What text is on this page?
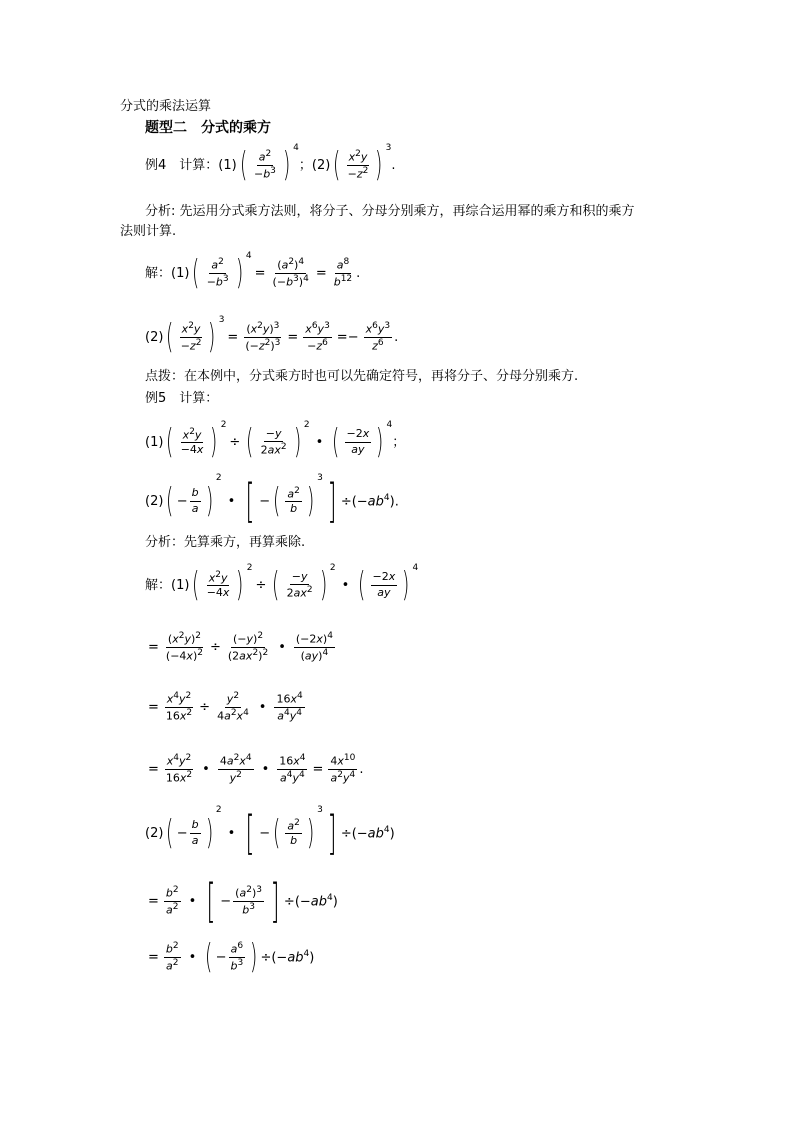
分式的乘法运算
题型二　分式的乘方
例4　计算： (1) ( $\frac{a^2}{-b^3}$ ) 4
；(2) ( $\frac{x^2y}{-z^2}$ ) 3
.
分析: 先运用分式乘方法则，将分子、分母分别乘方，再综合运用幂的乘方和积的乘方
法则计算.
解： (1) ( $\frac{a^2}{-b^3}$ ) 4
= $\frac{(a^2)^4}{(-b^3)^4} = \frac{a^8}{b^{12}}$ .
(2) ( $\frac{x^2y}{-z^2}$ ) 3
= $\frac{(x^2y)^3}{(-z^2)^3} = \frac{x^6y^3}{-z^6} =- \frac{x^6y^3}{z^6}$ .
点拨：在本例中，分式乘方时也可以先确定符号，再将分子、分母分别乘方.
例5　计算：
(1) ( $\frac{x^2y}{-4x}$ ) 2
÷ ( $\frac{-y}{2ax^2}$ ) 2
• ( $\frac{-2x}{ay}$ ) 4
；
(2) ( − $\frac{b}{a}$ )
2
• [ − ( $\frac{a^2}{b}$ )
3 ] $\div(-ab^4)$.
分析：先算乘方，再算乘除.
解： (1) ( $\frac{x^2y}{-4x}$ ) 2
÷ ( $\frac{-y}{2ax^2}$ ) 2
• ( $\frac{-2x}{ay}$ ) 4
= $\frac{(x^2y)^2}{(-4x)^2} \div \frac{(-y)^2}{(2ax^2)^2}$ • $\frac{(-2x)^4}{(ay)^4}$
= $\frac{x^4y^2}{16x^2} \div \frac{y^2}{4a^2x^4}$ • $\frac{16x^4}{a^4y^4}$
= $\frac{x^4y^2}{16x^2}$ • $\frac{4a^2x^4}{y^2}$ • $\frac{16x^4}{a^4y^4} = \frac{4x^{10}}{a^2y^4}$ .
(2) ( − $\frac{b}{a}$ )
2
• [ − ( $\frac{a^2}{b}$ )
3 ] $\div(-ab^4)$
= $\frac{b^2}{a^2}$ • [ − $\frac{(a^2)^3}{b^3}$ ] $\div(-ab^4)$
= $\frac{b^2}{a^2}$ • ( − $\frac{a^6}{b^3}$ ) $\div(-ab^4)$
